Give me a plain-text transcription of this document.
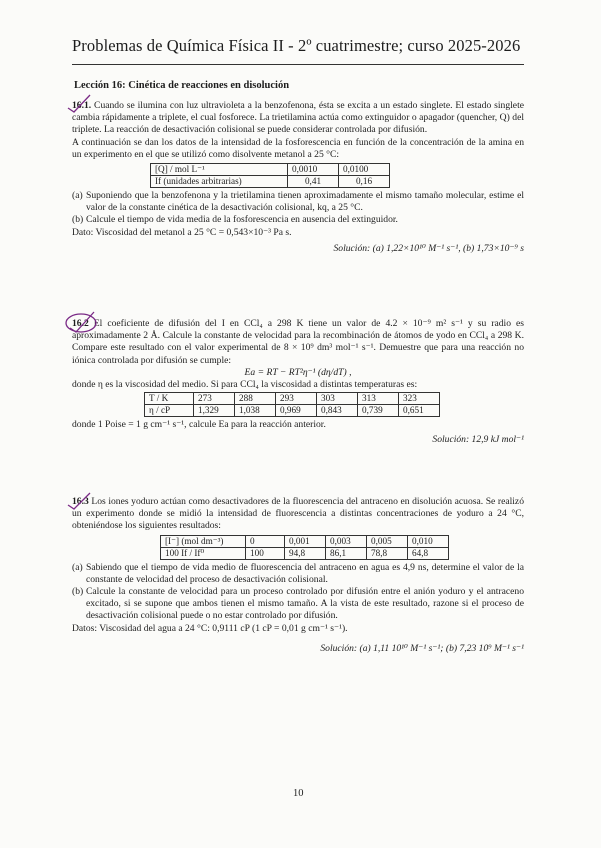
Problemas de Química Física II - 2º cuatrimestre; curso 2025-2026
Lección 16: Cinética de reacciones en disolución

16.1. Cuando se ilumina con luz ultravioleta a la benzofenona, ésta se excita a un estado singlete. El estado singlete cambia rápidamente a triplete, el cual fosforece. La trietilamina actúa como extinguidor o apagador (quencher, Q) del triplete. La reacción de desactivación colisional se puede considerar controlada por difusión.

A continuación se dan los datos de la intensidad de la fosforescencia en función de la concentración de la amina en un experimento en el que se utilizó como disolvente metanol a 25 °C:

[Q] / mol L⁻¹	0,0010	0,0100
If (unidades arbitrarias)	0,41	0,16
(a) Suponiendo que la benzofenona y la trietilamina tienen aproximadamente el mismo tamaño molecular, estime el valor de la constante cinética de la desactivación colisional, kq, a 25 °C.
(b) Calcule el tiempo de vida media de la fosforescencia en ausencia del extinguidor.

Dato: Viscosidad del metanol a 25 °C = 0,543×10⁻³ Pa s.

Solución: (a) 1,22×10¹⁰ M⁻¹ s⁻¹, (b) 1,73×10⁻⁹ s

16.2 El coeficiente de difusión del I en CCl₄ a 298 K tiene un valor de 4.2 × 10⁻⁹ m² s⁻¹ y su radio es aproximadamente 2 Å. Calcule la constante de velocidad para la recombinación de átomos de yodo en CCl₄ a 298 K. Compare este resultado con el valor experimental de 8 × 10⁹ dm³ mol⁻¹ s⁻¹. Demuestre que para una reacción no iónica controlada por difusión se cumple:

Ea = RT − RT²η⁻¹ (dη/dT) ,

donde η es la viscosidad del medio. Si para CCl₄ la viscosidad a distintas temperaturas es:

T / K	273	288	293	303	313	323
η / cP	1,329	1,038	0,969	0,843	0,739	0,651

donde 1 Poise = 1 g cm⁻¹ s⁻¹, calcule Ea para la reacción anterior.

Solución: 12,9 kJ mol⁻¹

16.3 Los iones yoduro actúan como desactivadores de la fluorescencia del antraceno en disolución acuosa. Se realizó un experimento donde se midió la intensidad de fluorescencia a distintas concentraciones de yoduro a 24 °C, obteniéndose los siguientes resultados:

[I⁻] (mol dm⁻³)	0	0,001	0,003	0,005	0,010
100 If / If⁰	100	94,8	86,1	78,8	64,8
(a) Sabiendo que el tiempo de vida medio de fluorescencia del antraceno en agua es 4,9 ns, determine el valor de la constante de velocidad del proceso de desactivación colisional.
(b) Calcule la constante de velocidad para un proceso controlado por difusión entre el anión yoduro y el antraceno excitado, si se supone que ambos tienen el mismo tamaño. A la vista de este resultado, razone si el proceso de desactivación colisional puede o no estar controlado por difusión.

Datos: Viscosidad del agua a 24 °C: 0,9111 cP (1 cP = 0,01 g cm⁻¹ s⁻¹).

Solución: (a) 1,11 10¹⁰ M⁻¹ s⁻¹; (b) 7,23 10⁹ M⁻¹ s⁻¹

10
